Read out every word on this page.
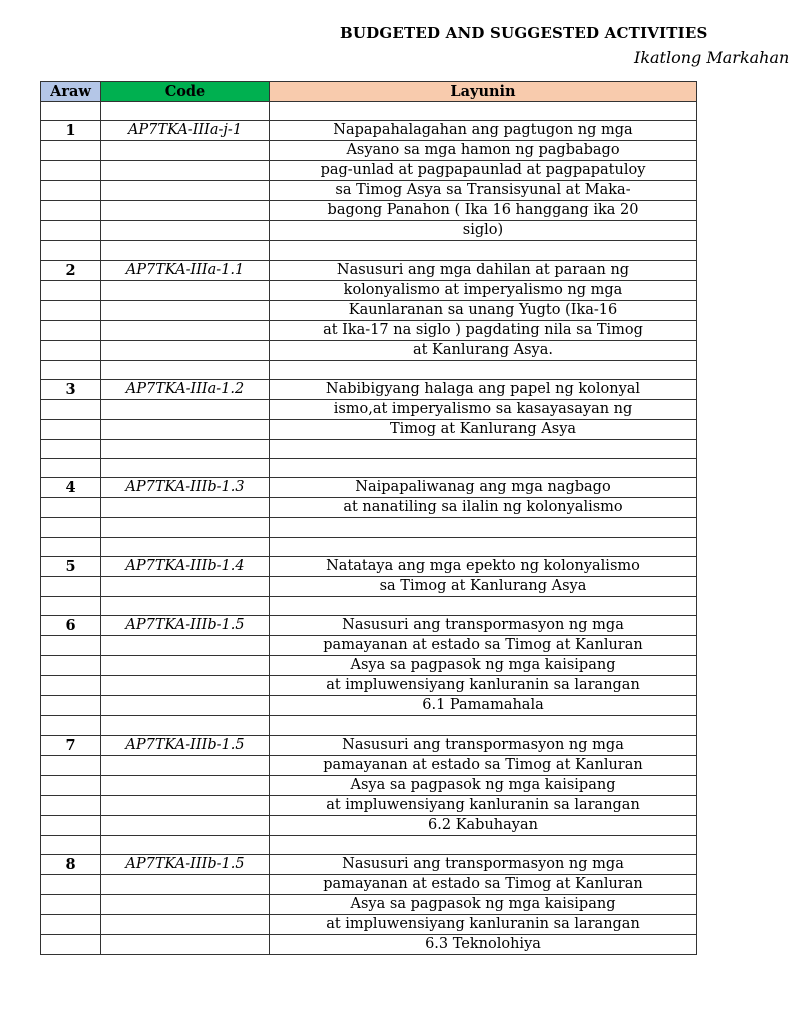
BUDGETED AND SUGGESTED ACTIVITIES
Ikatlong Markahan
Araw	Code	Layunin

1	AP7TKA-IIIa-j-1	Napapahalagahan ang pagtugon ng mga
		Asyano sa mga hamon ng pagbabago
		pag-unlad at pagpapaunlad at pagpapatuloy
		sa Timog Asya sa Transisyunal at Maka-
		bagong Panahon ( Ika 16 hanggang ika 20
		siglo)

2	AP7TKA-IIIa-1.1	Nasusuri ang mga dahilan at paraan ng
		kolonyalismo at imperyalismo ng mga
		Kaunlaranan sa unang Yugto (Ika-16
		at Ika-17 na siglo ) pagdating nila sa Timog
		at Kanlurang Asya.

3	AP7TKA-IIIa-1.2	Nabibigyang halaga ang papel ng kolonyal
		ismo,at imperyalismo sa kasayasayan ng
		Timog at Kanlurang Asya

4	AP7TKA-IIIb-1.3	Naipapaliwanag ang mga nagbago
		at nanatiling sa ilalin ng kolonyalismo

5	AP7TKA-IIIb-1.4	Natataya ang mga epekto ng kolonyalismo
		sa Timog at Kanlurang Asya

6	AP7TKA-IIIb-1.5	Nasusuri ang transpormasyon ng mga
		pamayanan at estado sa Timog at Kanluran
		Asya sa pagpasok ng mga kaisipang
		at impluwensiyang kanluranin sa larangan
		6.1 Pamamahala

7	AP7TKA-IIIb-1.5	Nasusuri ang transpormasyon ng mga
		pamayanan at estado sa Timog at Kanluran
		Asya sa pagpasok ng mga kaisipang
		at impluwensiyang kanluranin sa larangan
		6.2 Kabuhayan

8	AP7TKA-IIIb-1.5	Nasusuri ang transpormasyon ng mga
		pamayanan at estado sa Timog at Kanluran
		Asya sa pagpasok ng mga kaisipang
		at impluwensiyang kanluranin sa larangan
		6.3 Teknolohiya
